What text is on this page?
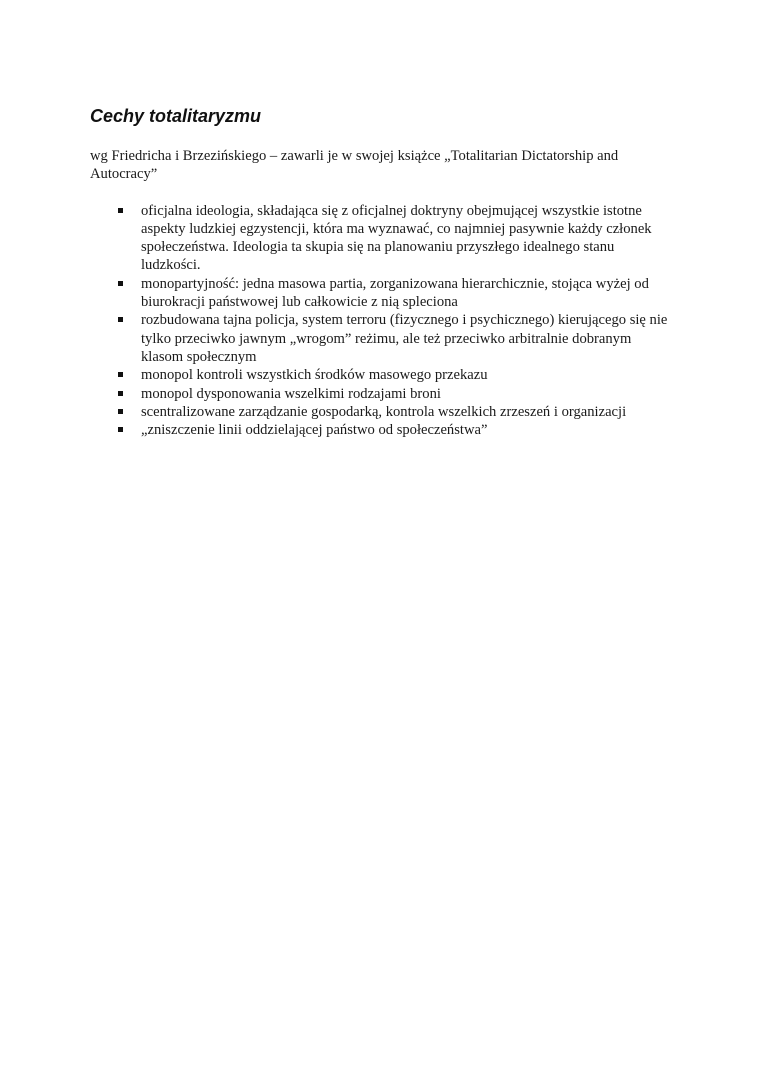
Cechy totalitaryzmu

wg Friedricha i Brzezińskiego – zawarli je w swojej książce „Totalitarian Dictatorship and Autocracy”

oficjalna ideologia, składająca się z oficjalnej doktryny obejmującej wszystkie istotne aspekty ludzkiej egzystencji, która ma wyznawać, co najmniej pasywnie każdy członek społeczeństwa. Ideologia ta skupia się na planowaniu przyszłego idealnego stanu ludzkości.
monopartyjność: jedna masowa partia, zorganizowana hierarchicznie, stojąca wyżej od biurokracji państwowej lub całkowicie z nią spleciona
rozbudowana tajna policja, system terroru (fizycznego i psychicznego) kierującego się nie tylko przeciwko jawnym „wrogom” reżimu, ale też przeciwko arbitralnie dobranym klasom społecznym
monopol kontroli wszystkich środków masowego przekazu
monopol dysponowania wszelkimi rodzajami broni
scentralizowane zarządzanie gospodarką, kontrola wszelkich zrzeszeń i organizacji
„zniszczenie linii oddzielającej państwo od społeczeństwa”
